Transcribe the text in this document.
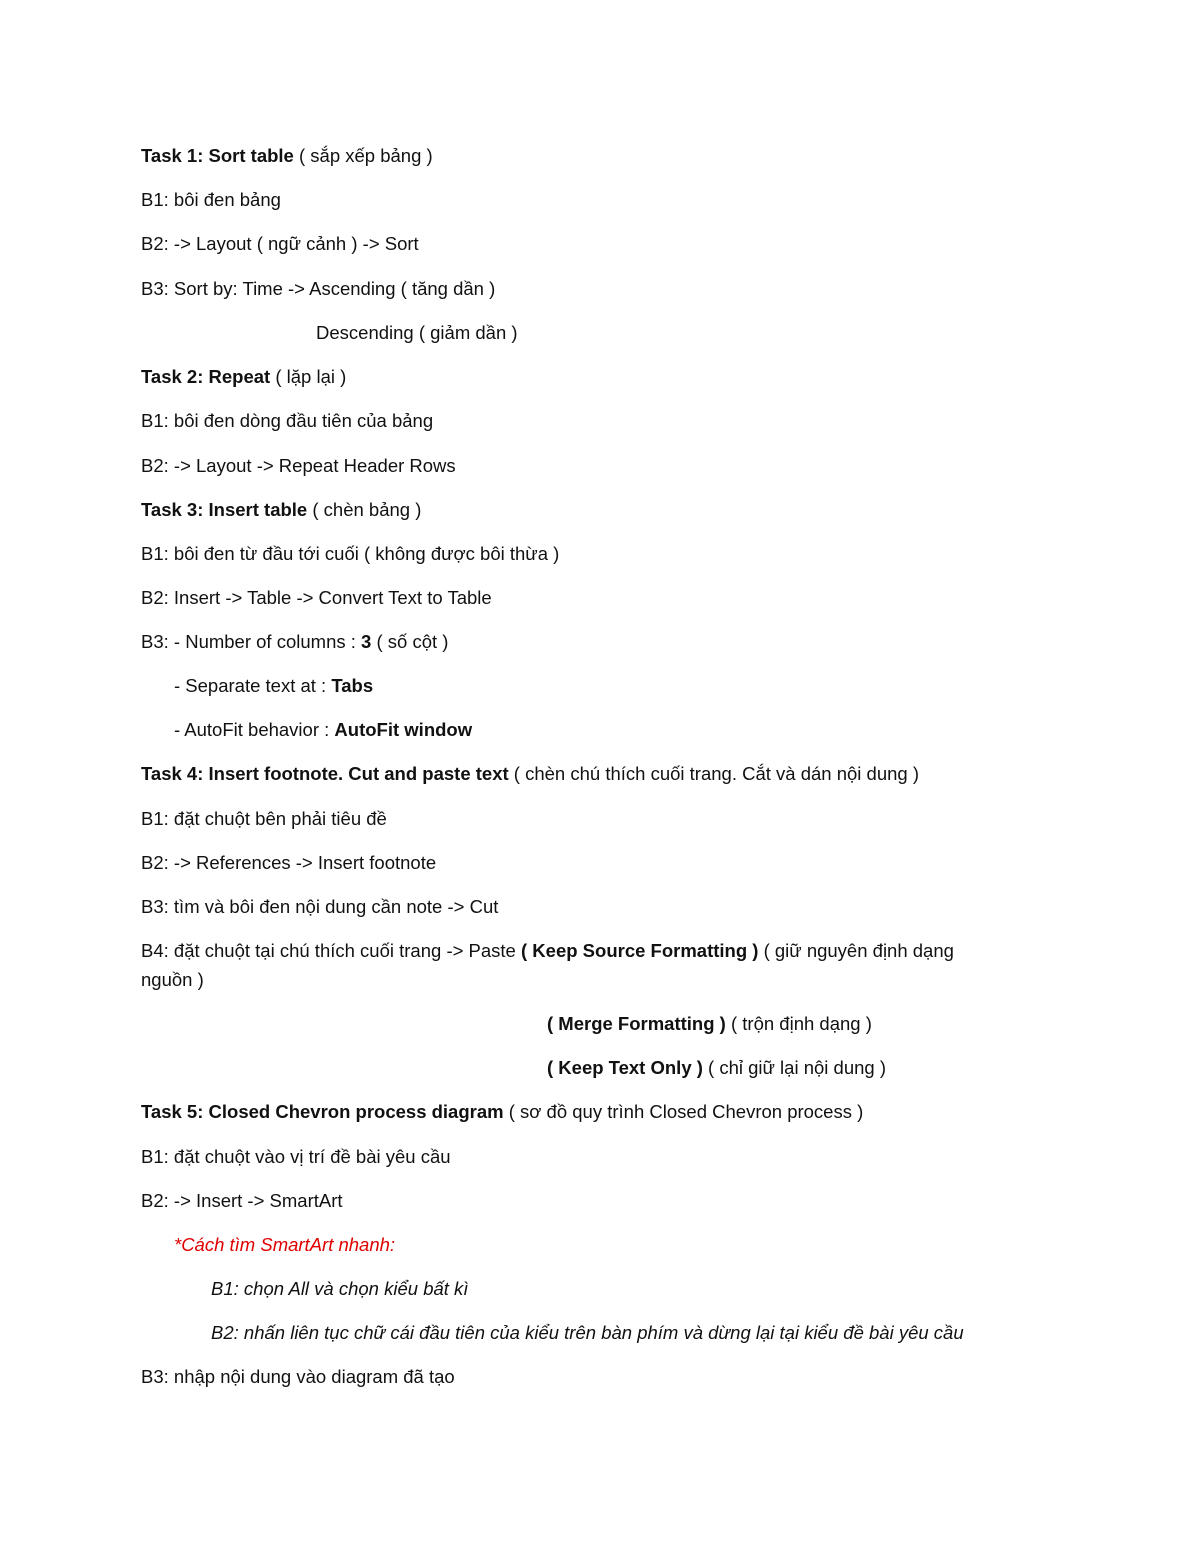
Task 1: Sort table ( sắp xếp bảng )
B1: bôi đen bảng
B2: -> Layout ( ngữ cảnh ) -> Sort
B3: Sort by: Time -> Ascending ( tăng dần )
Descending ( giảm dần )
Task 2: Repeat ( lặp lại )
B1: bôi đen dòng đầu tiên của bảng
B2: -> Layout -> Repeat Header Rows
Task 3: Insert table ( chèn bảng )
B1: bôi đen từ đầu tới cuối ( không được bôi thừa )
B2: Insert -> Table -> Convert Text to Table
B3: - Number of columns : 3 ( số cột )
- Separate text at : Tabs
- AutoFit behavior : AutoFit window
Task 4: Insert footnote. Cut and paste text ( chèn chú thích cuối trang. Cắt và dán nội dung )
B1: đặt chuột bên phải tiêu đề
B2: -> References -> Insert footnote
B3: tìm và bôi đen nội dung cần note -> Cut
B4: đặt chuột tại chú thích cuối trang -> Paste ( Keep Source Formatting ) ( giữ nguyên định dạng
nguồn )
( Merge Formatting ) ( trộn định dạng )
( Keep Text Only ) ( chỉ giữ lại nội dung )
Task 5: Closed Chevron process diagram ( sơ đồ quy trình Closed Chevron process )
B1: đặt chuột vào vị trí đề bài yêu cầu
B2: -> Insert -> SmartArt
*Cách tìm SmartArt nhanh:
B1: chọn All và chọn kiểu bất kì
B2: nhấn liên tục chữ cái đầu tiên của kiểu trên bàn phím và dừng lại tại kiểu đề bài yêu cầu
B3: nhập nội dung vào diagram đã tạo
